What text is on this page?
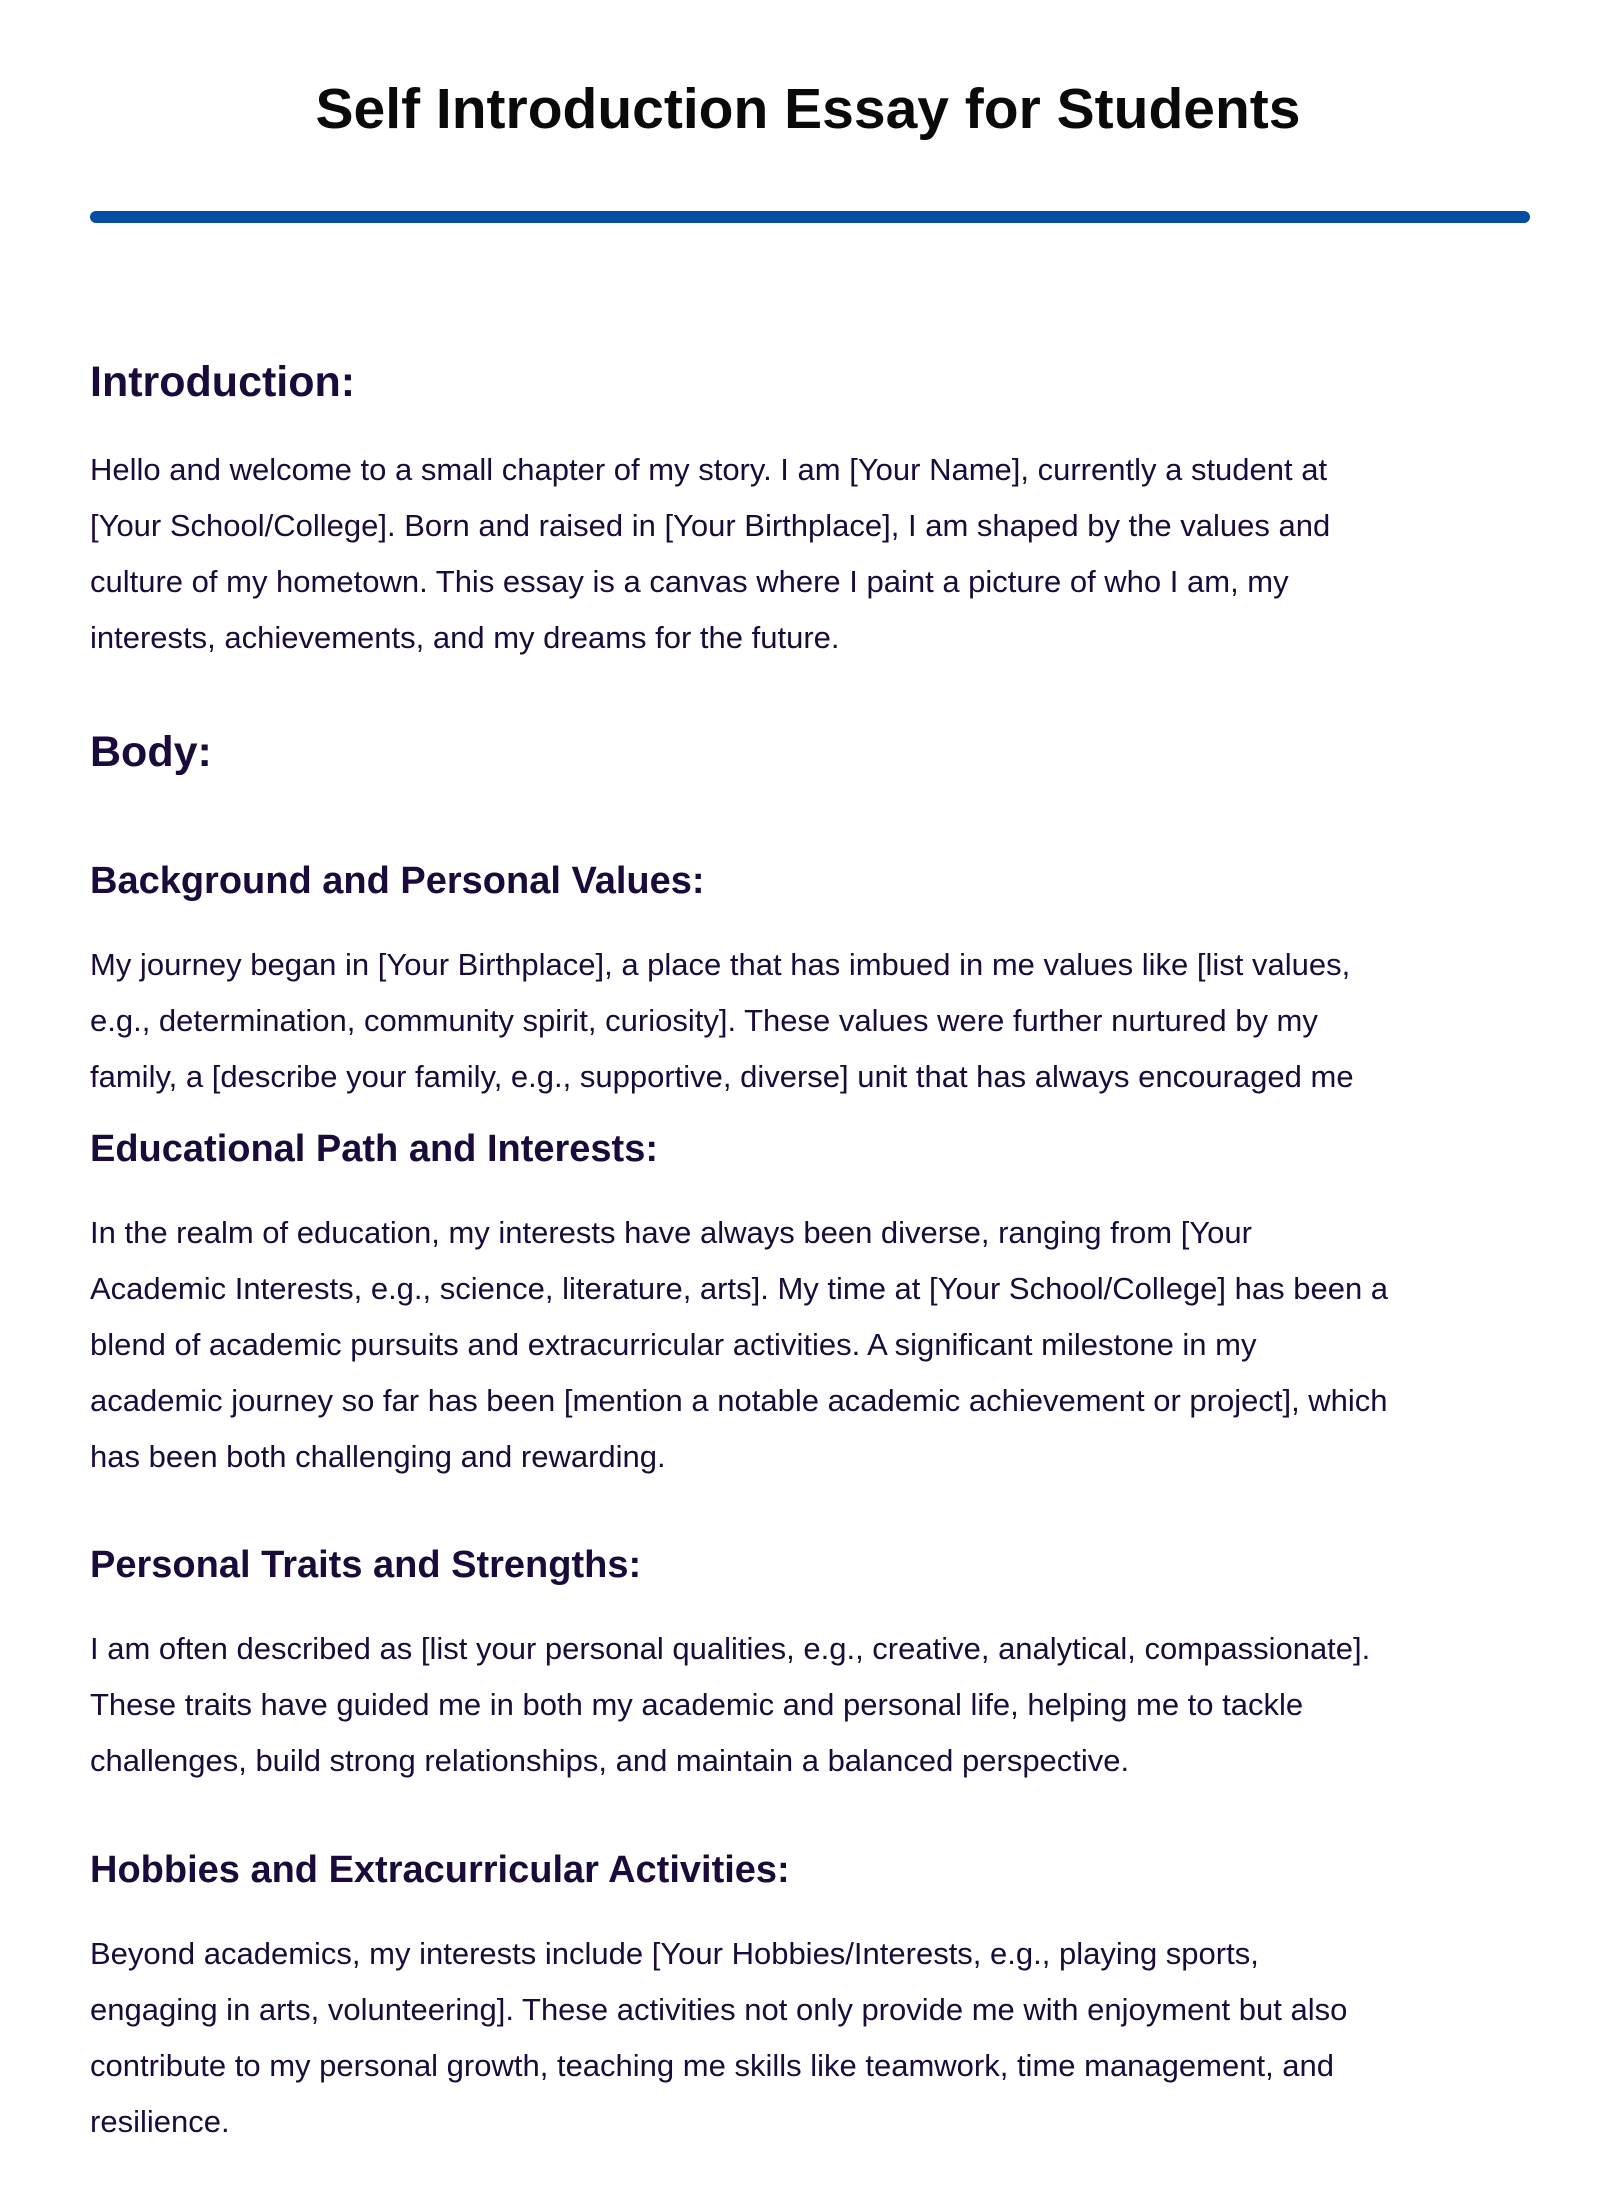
Self Introduction Essay for Students
Introduction:
Hello and welcome to a small chapter of my story. I am [Your Name], currently a student at
[Your School/College]. Born and raised in [Your Birthplace], I am shaped by the values and
culture of my hometown. This essay is a canvas where I paint a picture of who I am, my
interests, achievements, and my dreams for the future.
Body:
Background and Personal Values:
My journey began in [Your Birthplace], a place that has imbued in me values like [list values,
e.g., determination, community spirit, curiosity]. These values were further nurtured by my
family, a [describe your family, e.g., supportive, diverse] unit that has always encouraged me
Educational Path and Interests:
In the realm of education, my interests have always been diverse, ranging from [Your
Academic Interests, e.g., science, literature, arts]. My time at [Your School/College] has been a
blend of academic pursuits and extracurricular activities. A significant milestone in my
academic journey so far has been [mention a notable academic achievement or project], which
has been both challenging and rewarding.
Personal Traits and Strengths:
I am often described as [list your personal qualities, e.g., creative, analytical, compassionate].
These traits have guided me in both my academic and personal life, helping me to tackle
challenges, build strong relationships, and maintain a balanced perspective.
Hobbies and Extracurricular Activities:
Beyond academics, my interests include [Your Hobbies/Interests, e.g., playing sports,
engaging in arts, volunteering]. These activities not only provide me with enjoyment but also
contribute to my personal growth, teaching me skills like teamwork, time management, and
resilience.
